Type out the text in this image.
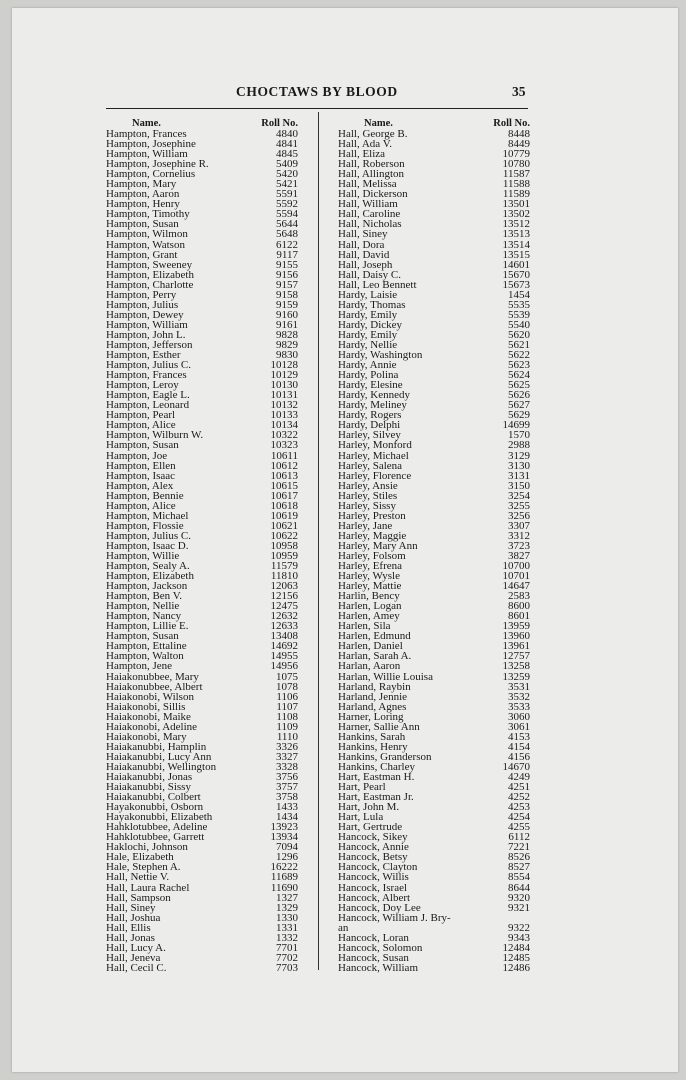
CHOCTAWS BY BLOOD	35
Name.	Roll No.
Hampton, Frances	4840
Hampton, Josephine	4841
Hampton, William	4845
Hampton, Josephine R.	5409
Hampton, Cornelius	5420
Hampton, Mary	5421
Hampton, Aaron	5591
Hampton, Henry	5592
Hampton, Timothy	5594
Hampton, Susan	5644
Hampton, Wilmon	5648
Hampton, Watson	6122
Hampton, Grant	9117
Hampton, Sweeney	9155
Hampton, Elizabeth	9156
Hampton, Charlotte	9157
Hampton, Perry	9158
Hampton, Julius	9159
Hampton, Dewey	9160
Hampton, William	9161
Hampton, John L.	9828
Hampton, Jefferson	9829
Hampton, Esther	9830
Hampton, Julius C.	10128
Hampton, Frances	10129
Hampton, Leroy	10130
Hampton, Eagle L.	10131
Hampton, Leonard	10132
Hampton, Pearl	10133
Hampton, Alice	10134
Hampton, Wilburn W.	10322
Hampton, Susan	10323
Hampton, Joe	10611
Hampton, Ellen	10612
Hampton, Isaac	10613
Hampton, Alex	10615
Hampton, Bennie	10617
Hampton, Alice	10618
Hampton, Michael	10619
Hampton, Flossie	10621
Hampton, Julius C.	10622
Hampton, Isaac D.	10958
Hampton, Willie	10959
Hampton, Sealy A.	11579
Hampton, Elizabeth	11810
Hampton, Jackson	12063
Hampton, Ben V.	12156
Hampton, Nellie	12475
Hampton, Nancy	12632
Hampton, Lillie E.	12633
Hampton, Susan	13408
Hampton, Ettaline	14692
Hampton, Walton	14955
Hampton, Jene	14956
Haiakonubbee, Mary	1075
Haiakonubbee, Albert	1078
Haiakonobi, Wilson	1106
Haiakonobi, Sillis	1107
Haiakonobi, Maike	1108
Haiakonobi, Adeline	1109
Haiakonobi, Mary	1110
Haiakanubbi, Hamplin	3326
Haiakanubbi, Lucy Ann	3327
Haiakanubbi, Wellington	3328
Haiakanubbi, Jonas	3756
Haiakanubbi, Sissy	3757
Haiakanubbi, Colbert	3758
Hayakonubbi, Osborn	1433
Hayakonubbi, Elizabeth	1434
Hahklotubbee, Adeline	13923
Hahklotubbee, Garrett	13934
Haklochi, Johnson	7094
Hale, Elizabeth	1296
Hale, Stephen A.	16222
Hall, Nettie V.	11689
Hall, Laura Rachel	11690
Hall, Sampson	1327
Hall, Siney	1329
Hall, Joshua	1330
Hall, Ellis	1331
Hall, Jonas	1332
Hall, Lucy A.	7701
Hall, Jeneva	7702
Hall, Cecil C.	7703
Name.	Roll No.
Hall, George B.	8448
Hall, Ada V.	8449
Hall, Eliza	10779
Hall, Roberson	10780
Hall, Allington	11587
Hall, Melissa	11588
Hall, Dickerson	11589
Hall, William	13501
Hall, Caroline	13502
Hall, Nicholas	13512
Hall, Siney	13513
Hall, Dora	13514
Hall, David	13515
Hall, Joseph	14601
Hall, Daisy C.	15670
Hall, Leo Bennett	15673
Hardy, Laisie	1454
Hardy, Thomas	5535
Hardy, Emily	5539
Hardy, Dickey	5540
Hardy, Emily	5620
Hardy, Nellie	5621
Hardy, Washington	5622
Hardy, Annie	5623
Hardy, Polina	5624
Hardy, Elesine	5625
Hardy, Kennedy	5626
Hardy, Meliney	5627
Hardy, Rogers	5629
Hardy, Delphi	14699
Harley, Silvey	1570
Harley, Monford	2988
Harley, Michael	3129
Harley, Salena	3130
Harley, Florence	3131
Harley, Ansie	3150
Harley, Stiles	3254
Harley, Sissy	3255
Harley, Preston	3256
Harley, Jane	3307
Harley, Maggie	3312
Harley, Mary Ann	3723
Harley, Folsom	3827
Harley, Efrena	10700
Harley, Wysle	10701
Harley, Mattie	14647
Harlin, Bency	2583
Harlen, Logan	8600
Harlen, Amey	8601
Harlen, Sila	13959
Harlen, Edmund	13960
Harlen, Daniel	13961
Harlan, Sarah A.	12757
Harlan, Aaron	13258
Harlan, Willie Louisa	13259
Harland, Raybin	3531
Harland, Jennie	3532
Harland, Agnes	3533
Harner, Loring	3060
Harner, Sallie Ann	3061
Hankins, Sarah	4153
Hankins, Henry	4154
Hankins, Granderson	4156
Hankins, Charley	14670
Hart, Eastman H.	4249
Hart, Pearl	4251
Hart, Eastman Jr.	4252
Hart, John M.	4253
Hart, Lula	4254
Hart, Gertrude	4255
Hancock, Sikey	6112
Hancock, Annie	7221
Hancock, Betsy	8526
Hancock, Clayton	8527
Hancock, Willis	8554
Hancock, Israel	8644
Hancock, Albert	9320
Hancock, Doy Lee	9321
Hancock, William J. Bry-
an	9322
Hancock, Loran	9343
Hancock, Solomon	12484
Hancock, Susan	12485
Hancock, William	12486
